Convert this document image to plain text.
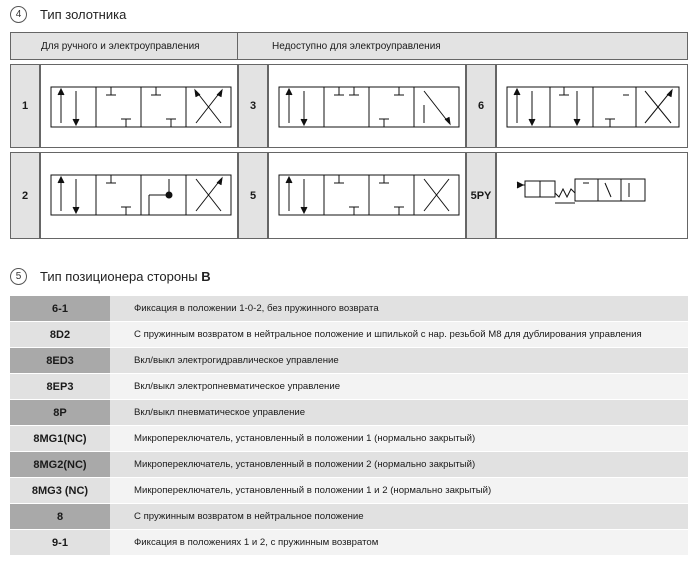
4	Тип золотника
Для ручного и электроуправления	Недоступно для электроуправления
1	3	6
2	5	5PY
5	Тип позиционера стороны B
6-1	Фиксация в положении 1-0-2, без пружинного возврата
8D2	С пружинным возвратом в нейтральное положение и шпилькой с нар. резьбой M8 для дублирования управления
8ED3	Вкл/выкл электрогидравлическое управление
8EP3	Вкл/выкл электропневматическое управление
8P	Вкл/выкл пневматическое управление
8MG1(NC)	Микропереключатель, установленный в положении 1 (нормально закрытый)
8MG2(NC)	Микропереключатель, установленный в положении 2 (нормально закрытый)
8MG3 (NC)	Микропереключатель, установленный в положении 1 и 2 (нормально закрытый)
8	С пружинным возвратом в нейтральное положение
9-1	Фиксация в положениях 1 и 2, с пружинным возвратом
